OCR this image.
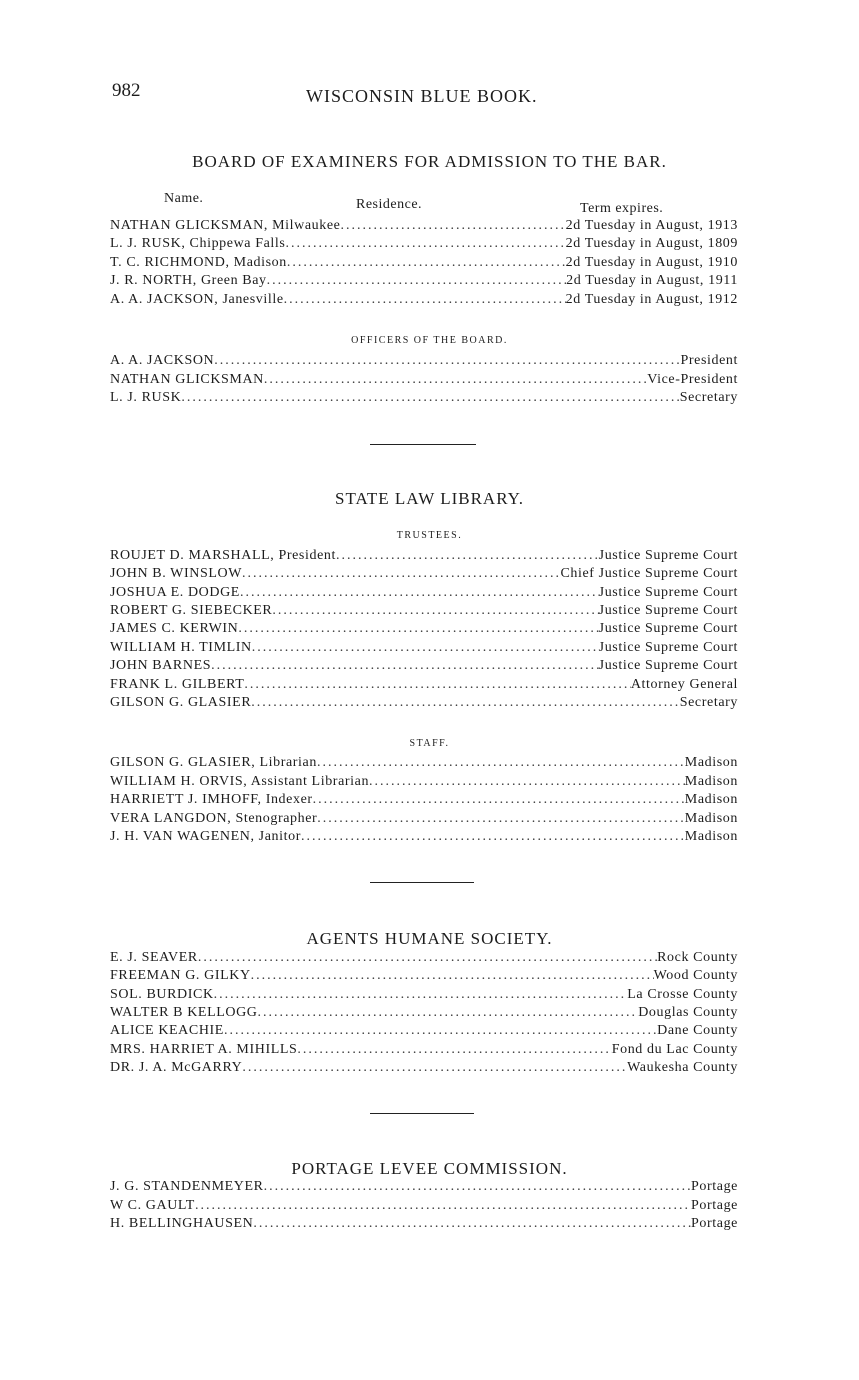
982	WISCONSIN BLUE BOOK.
BOARD OF EXAMINERS FOR ADMISSION TO THE BAR.
Name.	Residence.	Term expires.
NATHAN GLICKSMAN, Milwaukee .....	2d Tuesday in August, 1913
L. J. RUSK, Chippewa Falls .....	2d Tuesday in August, 1809
T. C. RICHMOND, Madison .....	2d Tuesday in August, 1910
J. R. NORTH, Green Bay .....	2d Tuesday in August, 1911
A. A. JACKSON, Janesville .....	2d Tuesday in August, 1912
OFFICERS OF THE BOARD.
A. A. JACKSON .....	President
NATHAN GLICKSMAN .....	Vice-President
L. J. RUSK .....	Secretary
STATE LAW LIBRARY.
TRUSTEES.
ROUJET D. MARSHALL, President .....	Justice Supreme Court
JOHN B. WINSLOW .....	Chief Justice Supreme Court
JOSHUA E. DODGE .....	Justice Supreme Court
ROBERT G. SIEBECKER .....	Justice Supreme Court
JAMES C. KERWIN .....	Justice Supreme Court
WILLIAM H. TIMLIN .....	Justice Supreme Court
JOHN BARNES .....	Justice Supreme Court
FRANK L. GILBERT .....	Attorney General
GILSON G. GLASIER .....	Secretary
STAFF.
GILSON G. GLASIER, Librarian .....	Madison
WILLIAM H. ORVIS, Assistant Librarian .....	Madison
HARRIETT J. IMHOFF, Indexer .....	Madison
VERA LANGDON, Stenographer .....	Madison
J. H. VAN WAGENEN, Janitor .....	Madison
AGENTS HUMANE SOCIETY.
E. J. SEAVER .....	Rock County
FREEMAN G. GILKY .....	Wood County
SOL. BURDICK .....	La Crosse County
WALTER B KELLOGG .....	Douglas County
ALICE KEACHIE .....	Dane County
MRS. HARRIET A. MIHILLS .....	Fond du Lac County
DR. J. A. McGARRY .....	Waukesha County
PORTAGE LEVEE COMMISSION.
J. G. STANDENMEYER .....	Portage
W C. GAULT .....	Portage
H. BELLINGHAUSEN .....	Portage
